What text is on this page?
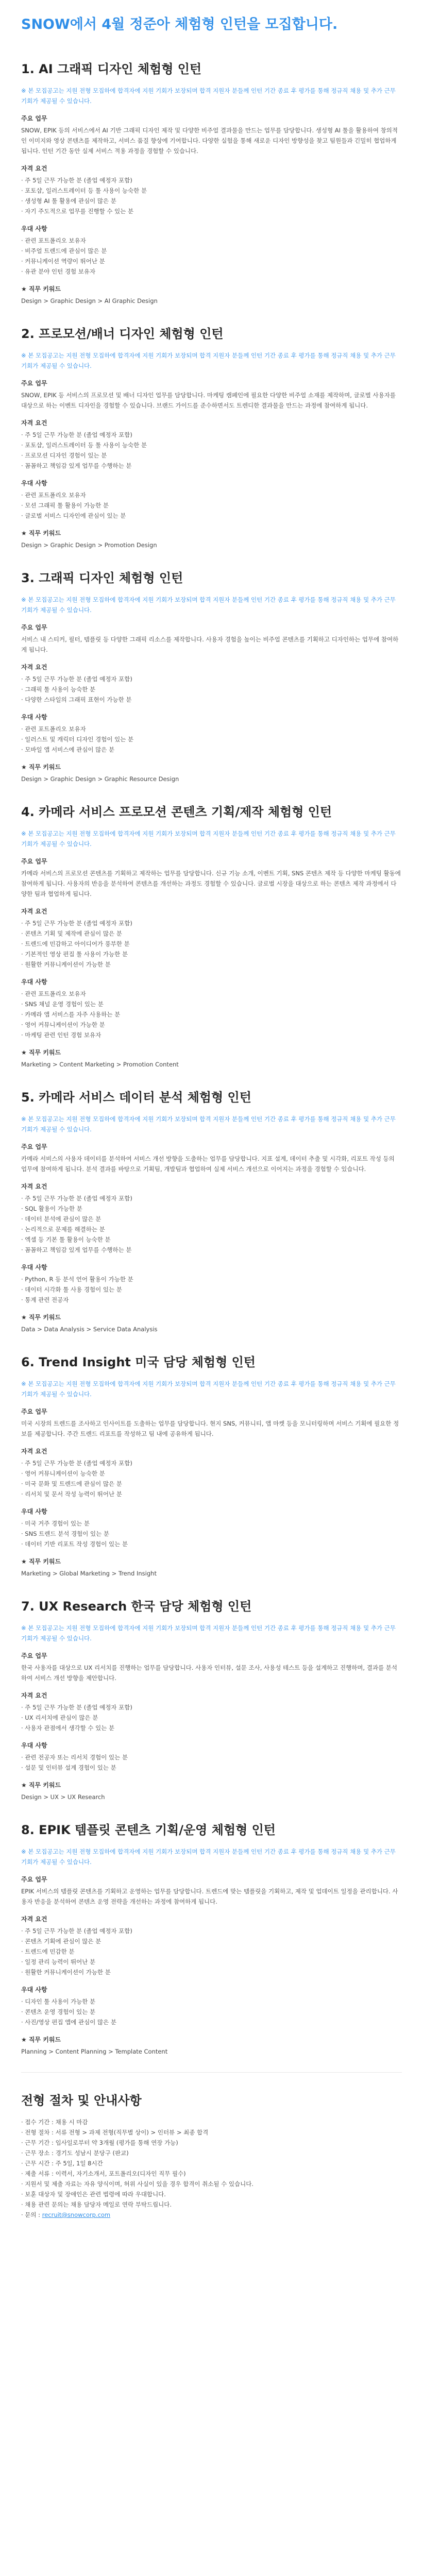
SNOW에서 4월 정준아 체험형 인턴을 모집합니다.
1. AI 그래픽 디자인 체험형 인턴

※ 본 모집공고는 지원 전형 모집하에 합격자에 지원 기회가 보장되며 합격 지원자 분들께 인턴 기간 종료 후 평가를 통해 정규직 채용 및 추가 근무 기회가 제공될 수 있습니다.

주요 업무

SNOW, EPIK 등의 서비스에서 AI 기반 그래픽 디자인 제작 및 다양한 비주얼 결과물을 만드는 업무를 담당합니다. 생성형 AI 툴을 활용하여 창의적인 이미지와 영상 콘텐츠를 제작하고, 서비스 품질 향상에 기여합니다. 다양한 실험을 통해 새로운 디자인 방향성을 찾고 팀원들과 긴밀히 협업하게 됩니다. 인턴 기간 동안 실제 서비스 적용 과정을 경험할 수 있습니다.

자격 요건
· 주 5일 근무 가능한 분 (졸업 예정자 포함)
· 포토샵, 일러스트레이터 등 툴 사용이 능숙한 분
· 생성형 AI 툴 활용에 관심이 많은 분
· 자기 주도적으로 업무를 진행할 수 있는 분
우대 사항
· 관련 포트폴리오 보유자
· 비주얼 트렌드에 관심이 많은 분
· 커뮤니케이션 역량이 뛰어난 분
· 유관 분야 인턴 경험 보유자
★ 직무 키워드
Design > Graphic Design > AI Graphic Design
2. 프로모션/배너 디자인 체험형 인턴

※ 본 모집공고는 지원 전형 모집하에 합격자에 지원 기회가 보장되며 합격 지원자 분들께 인턴 기간 종료 후 평가를 통해 정규직 채용 및 추가 근무 기회가 제공될 수 있습니다.

주요 업무

SNOW, EPIK 등 서비스의 프로모션 및 배너 디자인 업무를 담당합니다. 마케팅 캠페인에 필요한 다양한 비주얼 소재를 제작하며, 글로벌 사용자를 대상으로 하는 이벤트 디자인을 경험할 수 있습니다. 브랜드 가이드를 준수하면서도 트렌디한 결과물을 만드는 과정에 참여하게 됩니다.

자격 요건
· 주 5일 근무 가능한 분 (졸업 예정자 포함)
· 포토샵, 일러스트레이터 등 툴 사용이 능숙한 분
· 프로모션 디자인 경험이 있는 분
· 꼼꼼하고 책임감 있게 업무를 수행하는 분
우대 사항
· 관련 포트폴리오 보유자
· 모션 그래픽 툴 활용이 가능한 분
· 글로벌 서비스 디자인에 관심이 있는 분
★ 직무 키워드
Design > Graphic Design > Promotion Design
3. 그래픽 디자인 체험형 인턴

※ 본 모집공고는 지원 전형 모집하에 합격자에 지원 기회가 보장되며 합격 지원자 분들께 인턴 기간 종료 후 평가를 통해 정규직 채용 및 추가 근무 기회가 제공될 수 있습니다.

주요 업무

서비스 내 스티커, 필터, 템플릿 등 다양한 그래픽 리소스를 제작합니다. 사용자 경험을 높이는 비주얼 콘텐츠를 기획하고 디자인하는 업무에 참여하게 됩니다.

자격 요건
· 주 5일 근무 가능한 분 (졸업 예정자 포함)
· 그래픽 툴 사용이 능숙한 분
· 다양한 스타일의 그래픽 표현이 가능한 분
우대 사항
· 관련 포트폴리오 보유자
· 일러스트 및 캐릭터 디자인 경험이 있는 분
· 모바일 앱 서비스에 관심이 많은 분
★ 직무 키워드
Design > Graphic Design > Graphic Resource Design
4. 카메라 서비스 프로모션 콘텐츠 기획/제작 체험형 인턴

※ 본 모집공고는 지원 전형 모집하에 합격자에 지원 기회가 보장되며 합격 지원자 분들께 인턴 기간 종료 후 평가를 통해 정규직 채용 및 추가 근무 기회가 제공될 수 있습니다.

주요 업무

카메라 서비스의 프로모션 콘텐츠를 기획하고 제작하는 업무를 담당합니다. 신규 기능 소개, 이벤트 기획, SNS 콘텐츠 제작 등 다양한 마케팅 활동에 참여하게 됩니다. 사용자의 반응을 분석하여 콘텐츠를 개선하는 과정도 경험할 수 있습니다. 글로벌 시장을 대상으로 하는 콘텐츠 제작 과정에서 다양한 팀과 협업하게 됩니다.

자격 요건
· 주 5일 근무 가능한 분 (졸업 예정자 포함)
· 콘텐츠 기획 및 제작에 관심이 많은 분
· 트렌드에 민감하고 아이디어가 풍부한 분
· 기본적인 영상 편집 툴 사용이 가능한 분
· 원활한 커뮤니케이션이 가능한 분
우대 사항
· 관련 포트폴리오 보유자
· SNS 채널 운영 경험이 있는 분
· 카메라 앱 서비스를 자주 사용하는 분
· 영어 커뮤니케이션이 가능한 분
· 마케팅 관련 인턴 경험 보유자
★ 직무 키워드
Marketing > Content Marketing > Promotion Content
5. 카메라 서비스 데이터 분석 체험형 인턴

※ 본 모집공고는 지원 전형 모집하에 합격자에 지원 기회가 보장되며 합격 지원자 분들께 인턴 기간 종료 후 평가를 통해 정규직 채용 및 추가 근무 기회가 제공될 수 있습니다.

주요 업무

카메라 서비스의 사용자 데이터를 분석하여 서비스 개선 방향을 도출하는 업무를 담당합니다. 지표 설계, 데이터 추출 및 시각화, 리포트 작성 등의 업무에 참여하게 됩니다. 분석 결과를 바탕으로 기획팀, 개발팀과 협업하여 실제 서비스 개선으로 이어지는 과정을 경험할 수 있습니다.

자격 요건
· 주 5일 근무 가능한 분 (졸업 예정자 포함)
· SQL 활용이 가능한 분
· 데이터 분석에 관심이 많은 분
· 논리적으로 문제를 해결하는 분
· 엑셀 등 기본 툴 활용이 능숙한 분
· 꼼꼼하고 책임감 있게 업무를 수행하는 분
우대 사항
· Python, R 등 분석 언어 활용이 가능한 분
· 데이터 시각화 툴 사용 경험이 있는 분
· 통계 관련 전공자
★ 직무 키워드
Data > Data Analysis > Service Data Analysis
6. Trend Insight 미국 담당 체험형 인턴

※ 본 모집공고는 지원 전형 모집하에 합격자에 지원 기회가 보장되며 합격 지원자 분들께 인턴 기간 종료 후 평가를 통해 정규직 채용 및 추가 근무 기회가 제공될 수 있습니다.

주요 업무

미국 시장의 트렌드를 조사하고 인사이트를 도출하는 업무를 담당합니다. 현지 SNS, 커뮤니티, 앱 마켓 등을 모니터링하며 서비스 기획에 필요한 정보를 제공합니다. 주간 트렌드 리포트를 작성하고 팀 내에 공유하게 됩니다.

자격 요건
· 주 5일 근무 가능한 분 (졸업 예정자 포함)
· 영어 커뮤니케이션이 능숙한 분
· 미국 문화 및 트렌드에 관심이 많은 분
· 리서치 및 문서 작성 능력이 뛰어난 분
우대 사항
· 미국 거주 경험이 있는 분
· SNS 트렌드 분석 경험이 있는 분
· 데이터 기반 리포트 작성 경험이 있는 분
★ 직무 키워드
Marketing > Global Marketing > Trend Insight
7. UX Research 한국 담당 체험형 인턴

※ 본 모집공고는 지원 전형 모집하에 합격자에 지원 기회가 보장되며 합격 지원자 분들께 인턴 기간 종료 후 평가를 통해 정규직 채용 및 추가 근무 기회가 제공될 수 있습니다.

주요 업무

한국 사용자를 대상으로 UX 리서치를 진행하는 업무를 담당합니다. 사용자 인터뷰, 설문 조사, 사용성 테스트 등을 설계하고 진행하며, 결과를 분석하여 서비스 개선 방향을 제안합니다.

자격 요건
· 주 5일 근무 가능한 분 (졸업 예정자 포함)
· UX 리서치에 관심이 많은 분
· 사용자 관점에서 생각할 수 있는 분
우대 사항
· 관련 전공자 또는 리서치 경험이 있는 분
· 설문 및 인터뷰 설계 경험이 있는 분
★ 직무 키워드
Design > UX > UX Research
8. EPIK 템플릿 콘텐츠 기획/운영 체험형 인턴

※ 본 모집공고는 지원 전형 모집하에 합격자에 지원 기회가 보장되며 합격 지원자 분들께 인턴 기간 종료 후 평가를 통해 정규직 채용 및 추가 근무 기회가 제공될 수 있습니다.

주요 업무

EPIK 서비스의 템플릿 콘텐츠를 기획하고 운영하는 업무를 담당합니다. 트렌드에 맞는 템플릿을 기획하고, 제작 및 업데이트 일정을 관리합니다. 사용자 반응을 분석하여 콘텐츠 운영 전략을 개선하는 과정에 참여하게 됩니다.

자격 요건
· 주 5일 근무 가능한 분 (졸업 예정자 포함)
· 콘텐츠 기획에 관심이 많은 분
· 트렌드에 민감한 분
· 일정 관리 능력이 뛰어난 분
· 원활한 커뮤니케이션이 가능한 분
우대 사항
· 디자인 툴 사용이 가능한 분
· 콘텐츠 운영 경험이 있는 분
· 사진/영상 편집 앱에 관심이 많은 분
★ 직무 키워드
Planning > Content Planning > Template Content
전형 절차 및 안내사항
· 접수 기간 : 채용 시 마감
· 전형 절차 : 서류 전형 > 과제 전형(직무별 상이) > 인터뷰 > 최종 합격
· 근무 기간 : 입사일로부터 약 3개월 (평가를 통해 연장 가능)
· 근무 장소 : 경기도 성남시 분당구 (판교)
· 근무 시간 : 주 5일, 1일 8시간
· 제출 서류 : 이력서, 자기소개서, 포트폴리오(디자인 직무 필수)
· 지원서 및 제출 자료는 자유 양식이며, 허위 사실이 있을 경우 합격이 취소될 수 있습니다.
· 보훈 대상자 및 장애인은 관련 법령에 따라 우대합니다.
· 채용 관련 문의는 채용 담당자 메일로 연락 부탁드립니다.
· 문의 : recruit@snowcorp.com
